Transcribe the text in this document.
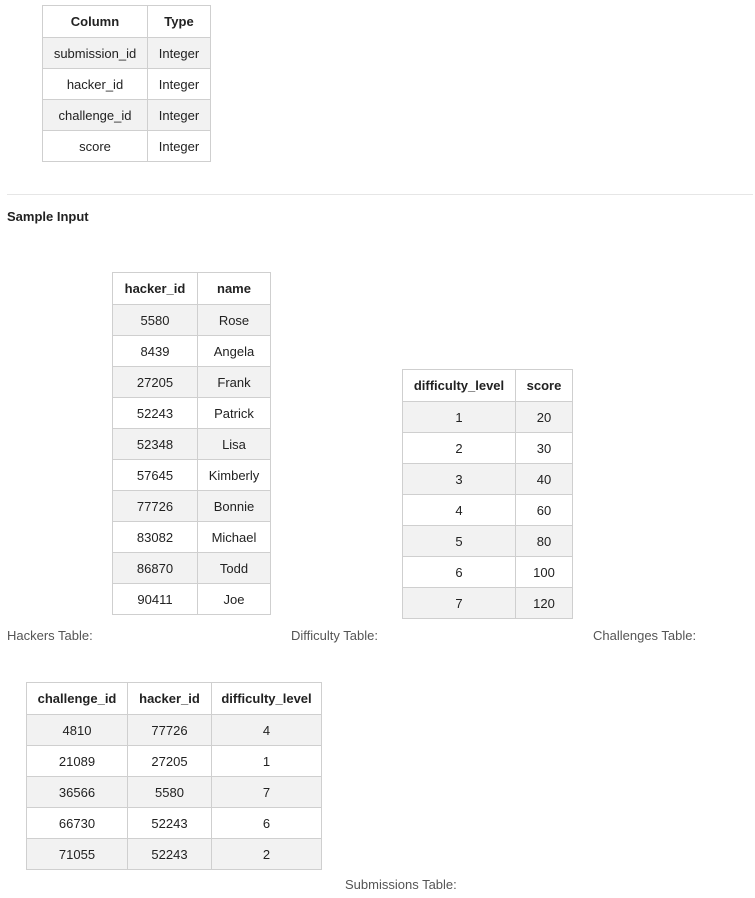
Column	Type
submission_id	Integer
hacker_id	Integer
challenge_id	Integer
score	Integer
Sample Input
hacker_id	name
5580	Rose
8439	Angela
27205	Frank
52243	Patrick
52348	Lisa
57645	Kimberly
77726	Bonnie
83082	Michael
86870	Todd
90411	Joe
difficulty_level	score
1	20
2	30
3	40
4	60
5	80
6	100
7	120
Hackers Table:	Difficulty Table:	Challenges Table:
challenge_id	hacker_id	difficulty_level
4810	77726	4
21089	27205	1
36566	5580	7
66730	52243	6
71055	52243	2
Submissions Table:
